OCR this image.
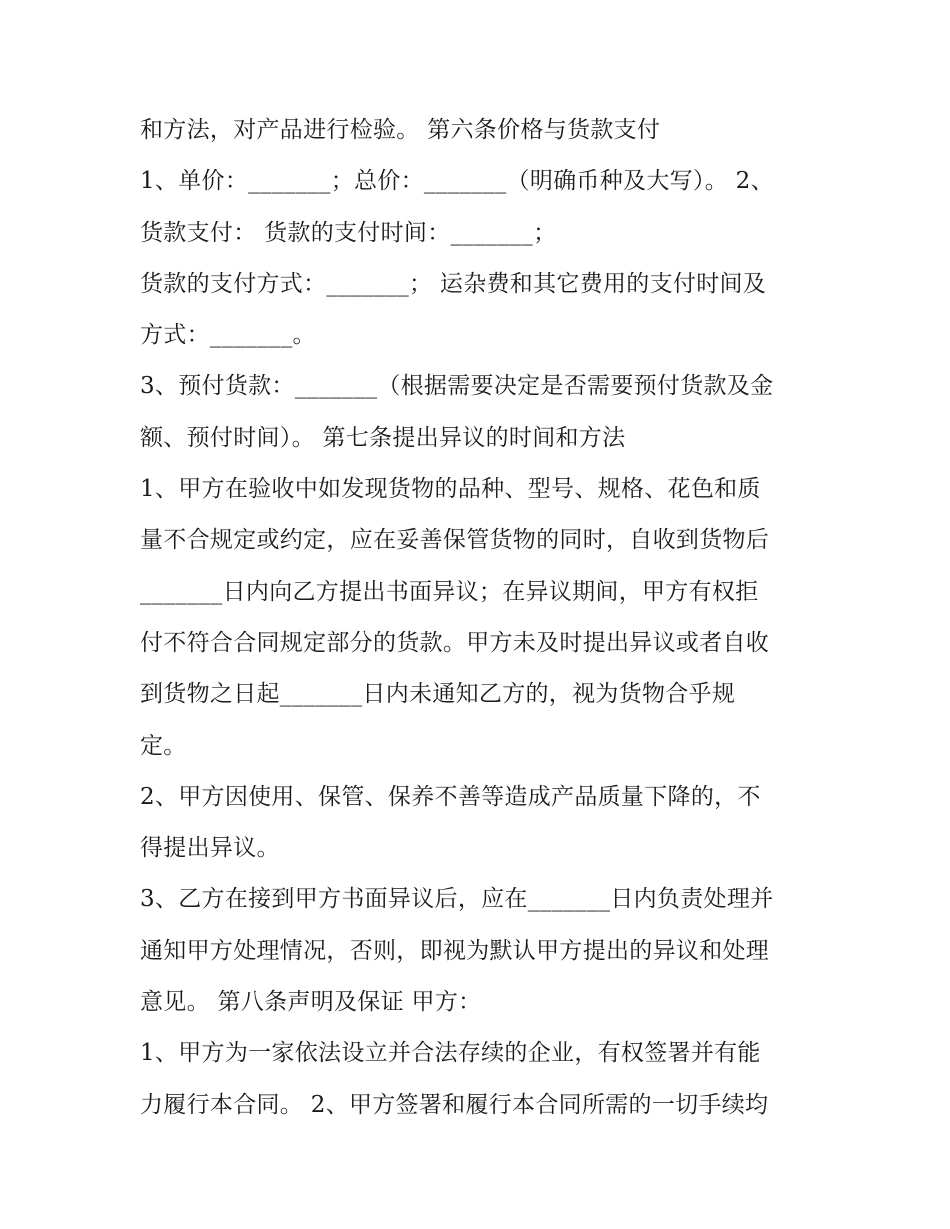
和方法，对产品进行检验。 第六条价格与货款支付
1、单价：_______；总价：_______（明确币种及大写）。 2、
货款支付： 货款的支付时间：_______；
货款的支付方式：_______； 运杂费和其它费用的支付时间及
方式：_______。
3、预付货款：_______（根据需要决定是否需要预付货款及金
额、预付时间）。 第七条提出异议的时间和方法
1、甲方在验收中如发现货物的品种、型号、规格、花色和质
量不合规定或约定，应在妥善保管货物的同时，自收到货物后
_______日内向乙方提出书面异议；在异议期间，甲方有权拒
付不符合合同规定部分的货款。甲方未及时提出异议或者自收
到货物之日起_______日内未通知乙方的，视为货物合乎规
定。
2、甲方因使用、保管、保养不善等造成产品质量下降的，不
得提出异议。
3、乙方在接到甲方书面异议后，应在_______日内负责处理并
通知甲方处理情况，否则，即视为默认甲方提出的异议和处理
意见。 第八条声明及保证 甲方：
1、甲方为一家依法设立并合法存续的企业，有权签署并有能
力履行本合同。 2、甲方签署和履行本合同所需的一切手续均
